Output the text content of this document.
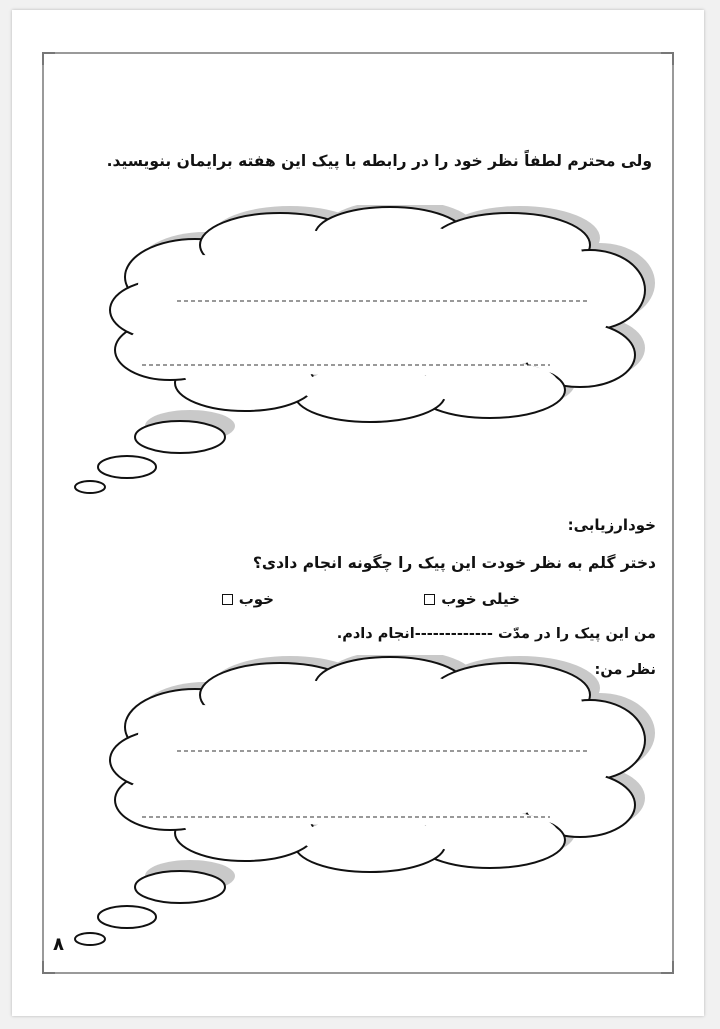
ولی محترم لطفاً نظر خود را در رابطه با پیک این هفته برایمان بنویسید.
خودارزیابی:
دختر گلم به نظر خودت این پیک را چگونه انجام دادی؟
خیلی خوب
خوب
من این پیک را در مدّت -------------انجام دادم.
نظر من:
۸
